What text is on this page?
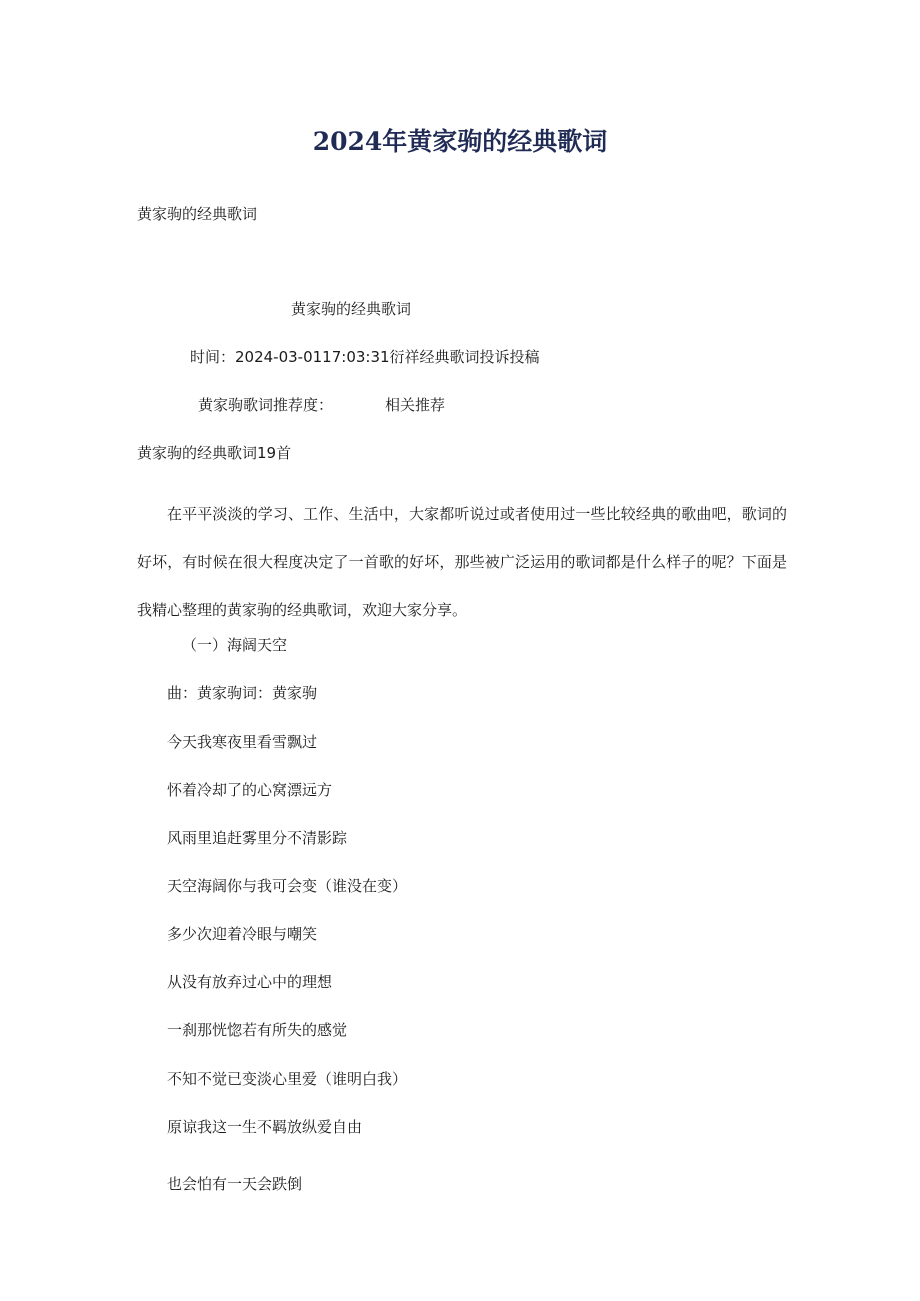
2024年黄家驹的经典歌词

黄家驹的经典歌词

黄家驹的经典歌词

时间：2024-03-0117:03:31衍祥经典歌词投诉投稿

黄家驹歌词推荐度：	相关推荐

黄家驹的经典歌词19首

在平平淡淡的学习、工作、生活中，大家都听说过或者使用过一些比较经典的歌曲吧，歌词的好坏，有时候在很大程度决定了一首歌的好坏，那些被广泛运用的歌词都是什么样子的呢？下面是我精心整理的黄家驹的经典歌词，欢迎大家分享。

（一）海阔天空

曲：黄家驹词：黄家驹

今天我寒夜里看雪飘过

怀着冷却了的心窝漂远方

风雨里追赶雾里分不清影踪

天空海阔你与我可会变（谁没在变）

多少次迎着冷眼与嘲笑

从没有放弃过心中的理想

一刹那恍惚若有所失的感觉

不知不觉已变淡心里爱（谁明白我）

原谅我这一生不羁放纵爱自由

也会怕有一天会跌倒
